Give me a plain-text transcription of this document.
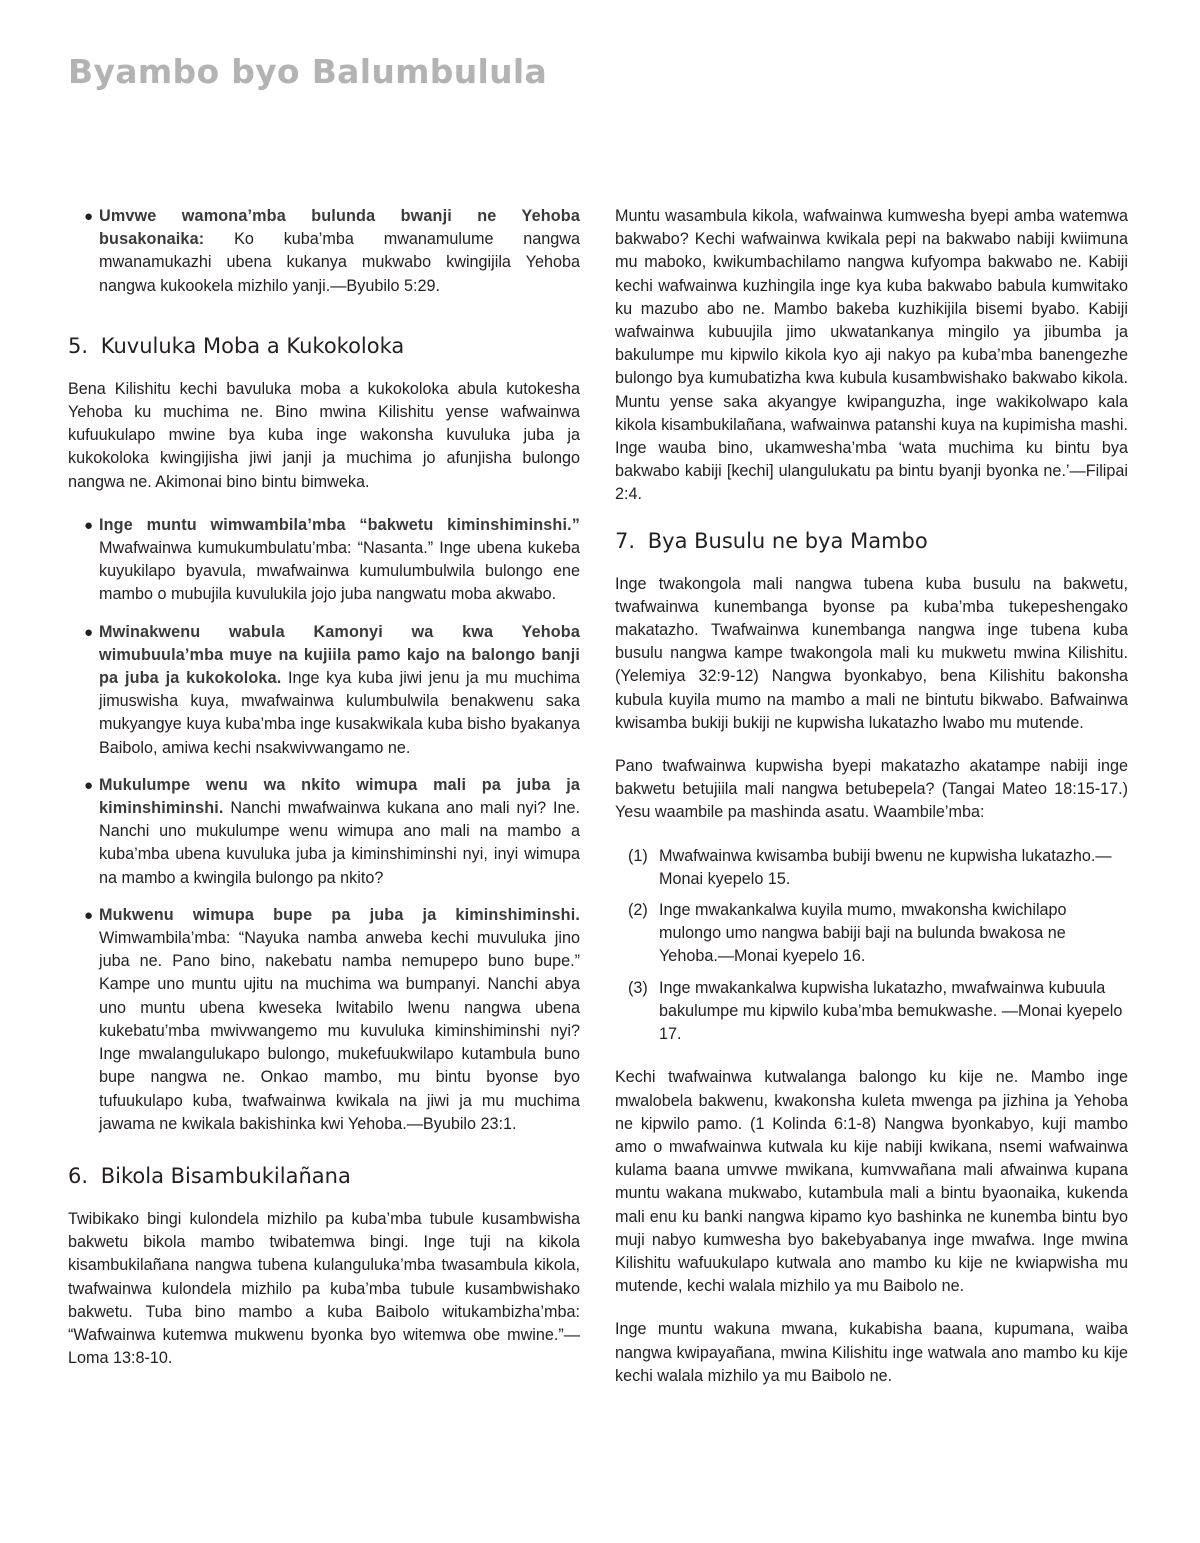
Byambo byo Balumbulula
● Umvwe wamona’mba bulunda bwanji ne Yehoba busakonaika: Ko kuba’mba mwanamulume nangwa mwanamukazhi ubena kukanya mukwabo kwingijila Yehoba nangwa kukookela mizhilo yanji.—Byubilo 5:29.
5. Kuvuluka Moba a Kukokoloka

Bena Kilishitu kechi bavuluka moba a kukokoloka abula kutokesha Yehoba ku muchima ne. Bino mwina Kilishitu yense wafwainwa kufuukulapo mwine bya kuba inge wakonsha kuvuluka juba ja kukokoloka kwingijisha jiwi janji ja muchima jo afunjisha bulongo nangwa ne. Akimonai bino bintu bimweka.

● Inge muntu wimwambila’mba “bakwetu kiminshiminshi.” Mwafwainwa kumukumbulatu’mba: “Nasanta.” Inge ubena kukeba kuyukilapo byavula, mwafwainwa kumulumbulwila bulongo ene mambo o mubujila kuvulukila jojo juba nangwatu moba akwabo.
● Mwinakwenu wabula Kamonyi wa kwa Yehoba wimubuula’mba muye na kujiila pamo kajo na balongo banji pa juba ja kukokoloka. Inge kya kuba jiwi jenu ja mu muchima jimuswisha kuya, mwafwainwa kulumbulwila benakwenu saka mukyangye kuya kuba’mba inge kusakwikala kuba bisho byakanya Baibolo, amiwa kechi nsakwivwangamo ne.
● Mukulumpe wenu wa nkito wimupa mali pa juba ja kiminshiminshi. Nanchi mwafwainwa kukana ano mali nyi? Ine. Nanchi uno mukulumpe wenu wimupa ano mali na mambo a kuba’mba ubena kuvuluka juba ja kiminshiminshi nyi, inyi wimupa na mambo a kwingila bulongo pa nkito?
● Mukwenu wimupa bupe pa juba ja kiminshiminshi. Wimwambila’mba: “Nayuka namba anweba kechi muvuluka jino juba ne. Pano bino, nakebatu namba nemupepo buno bupe.” Kampe uno muntu ujitu na muchima wa bumpanyi. Nanchi abya uno muntu ubena kweseka lwitabilo lwenu nangwa ubena kukebatu’mba mwivwangemo mu kuvuluka kiminshiminshi nyi? Inge mwalangulukapo bulongo, mukefuukwilapo kutambula buno bupe nangwa ne. Onkao mambo, mu bintu byonse byo tufuukulapo kuba, twafwainwa kwikala na jiwi ja mu muchima jawama ne kwikala bakishinka kwi Yehoba.—Byubilo 23:1.
6. Bikola Bisambukilañana

Twibikako bingi kulondela mizhilo pa kuba’mba tubule kusambwisha bakwetu bikola mambo twibatemwa bingi. Inge tuji na kikola kisambukilañana nangwa tubena kulanguluka’mba twasambula kikola, twafwainwa kulondela mizhilo pa kuba’mba tubule kusambwishako bakwetu. Tuba bino mambo a kuba Baibolo witukambizha’mba: “Wafwainwa kutemwa mukwenu byonka byo witemwa obe mwine.”—Loma 13:8-10.

Muntu wasambula kikola, wafwainwa kumwesha byepi amba watemwa bakwabo? Kechi wafwainwa kwikala pepi na bakwabo nabiji kwiimuna mu maboko, kwikumbachilamo nangwa kufyompa bakwabo ne. Kabiji kechi wafwainwa kuzhingila inge kya kuba bakwabo babula kumwitako ku mazubo abo ne. Mambo bakeba kuzhikijila bisemi byabo. Kabiji wafwainwa kubuujila jimo ukwatankanya mingilo ya jibumba ja bakulumpe mu kipwilo kikola kyo aji nakyo pa kuba’mba banengezhe bulongo bya kumubatizha kwa kubula kusambwishako bakwabo kikola. Muntu yense saka akyangye kwipanguzha, inge wakikolwapo kala kikola kisambukilañana, wafwainwa patanshi kuya na kupimisha mashi. Inge wauba bino, ukamwesha’mba ‘wata muchima ku bintu bya bakwabo kabiji [kechi] ulangulukatu pa bintu byanji byonka ne.’—Filipai 2:4.

7. Bya Busulu ne bya Mambo

Inge twakongola mali nangwa tubena kuba busulu na bakwetu, twafwainwa kunembanga byonse pa kuba’mba tukepeshengako makatazho. Twafwainwa kunembanga nangwa inge tubena kuba busulu nangwa kampe twakongola mali ku mukwetu mwina Kilishitu. (Yelemiya 32:9-12) Nangwa byonkabyo, bena Kilishitu bakonsha kubula kuyila mumo na mambo a mali ne bintutu bikwabo. Bafwainwa kwisamba bukiji bukiji ne kupwisha lukatazho lwabo mu mutende.

Pano twafwainwa kupwisha byepi makatazho akatampe nabiji inge bakwetu betujiila mali nangwa betubepela? (Tangai Mateo 18:15-17.) Yesu waambile pa mashinda asatu. Waambile’mba:

(1) Mwafwainwa kwisamba bubiji bwenu ne kupwisha lukatazho.—Monai kyepelo 15.
(2) Inge mwakankalwa kuyila mumo, mwakonsha kwichilapo mulongo umo nangwa babiji baji na bulunda bwakosa ne Yehoba.—Monai kyepelo 16.
(3) Inge mwakankalwa kupwisha lukatazho, mwafwainwa kubuula bakulumpe mu kipwilo kuba’mba bemukwashe. —Monai kyepelo 17.

Kechi twafwainwa kutwalanga balongo ku kije ne. Mambo inge mwalobela bakwenu, kwakonsha kuleta mwenga pa jizhina ja Yehoba ne kipwilo pamo. (1 Kolinda 6:1-8) Nangwa byonkabyo, kuji mambo amo o mwafwainwa kutwala ku kije nabiji kwikana, nsemi wafwainwa kulama baana umvwe mwikana, kumvwañana mali afwainwa kupana muntu wakana mukwabo, kutambula mali a bintu byaonaika, kukenda mali enu ku banki nangwa kipamo kyo bashinka ne kunemba bintu byo muji nabyo kumwesha byo bakebyabanya inge mwafwa. Inge mwina Kilishitu wafuukulapo kutwala ano mambo ku kije ne kwiapwisha mu mutende, kechi walala mizhilo ya mu Baibolo ne.

Inge muntu wakuna mwana, kukabisha baana, kupumana, waiba nangwa kwipayañana, mwina Kilishitu inge watwala ano mambo ku kije kechi walala mizhilo ya mu Baibolo ne.
